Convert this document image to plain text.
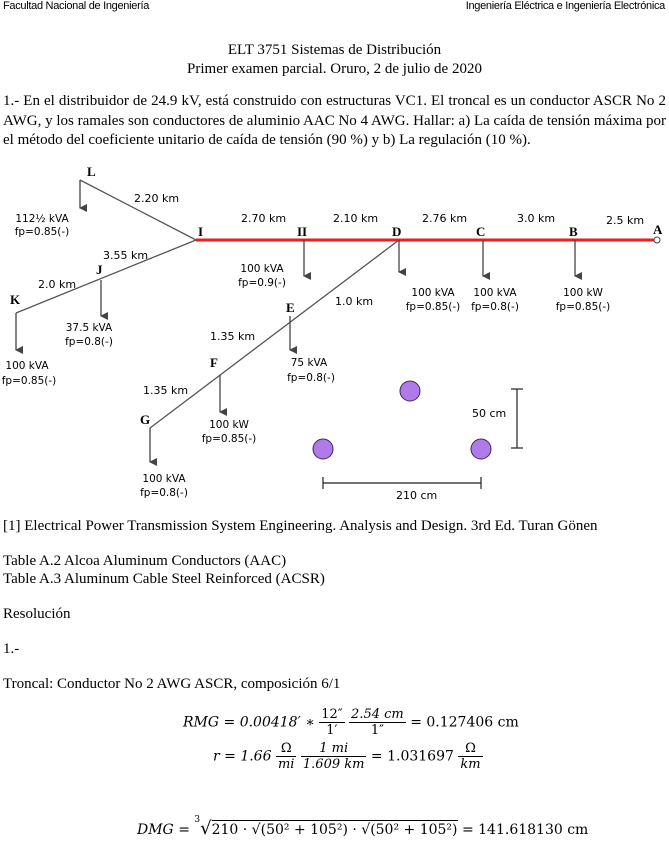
Facultad Nacional de Ingeniería	Ingeniería Eléctrica e Ingeniería Electrónica
ELT 3751 Sistemas de Distribución
Primer examen parcial. Oruro, 2 de julio de 2020
1.- En el distribuidor de 24.9 kV, está construido con estructuras VC1. El troncal es un conductor ASCR No 2 AWG, y los ramales son conductores de aluminio AAC No 4 AWG. Hallar: a) La caída de tensión máxima por el método del coeficiente unitario de caída de tensión (90 %) y b) La regulación (10 %).
L
I	II	D	C	B	A
J
K
E
F
G
2.20 km
2.70 km	2.10 km	2.76 km	3.0 km	2.5 km
3.55 km
2.0 km
1.0 km
1.35 km
1.35 km
112½ kVA
fp=0.85(-)
100 kVA
fp=0.9(-)
100 kVA
fp=0.85(-)
100 kVA
fp=0.8(-)
100 kW
fp=0.85(-)
37.5 kVA
fp=0.8(-)
100 kVA
fp=0.85(-)
75 kVA
fp=0.8(-)
100 kW
fp=0.85(-)
100 kVA
fp=0.8(-)
50 cm
210 cm
[1] Electrical Power Transmission System Engineering. Analysis and Design. 3rd Ed. Turan Gönen
Table A.2 Alcoa Aluminum Conductors (AAC)
Table A.3 Aluminum Cable Steel Reinforced (ACSR)
Resolución
1.-
Troncal: Conductor No 2 AWG ASCR, composición 6/1
RMG = 0.00418′ ∗ $\frac{12''}{1'}$
$\frac{2.54 cm}{1''} = 0.127406$ cm
$r = 1.66 \frac{\Omega}{mi}$
$\frac{1 mi}{1.609 km} = 1.031697 \frac{\Omega}{km}$
DMG = $^3$√210 · √(50² + 105²) · √(50² + 105²) = 141.618130 cm
